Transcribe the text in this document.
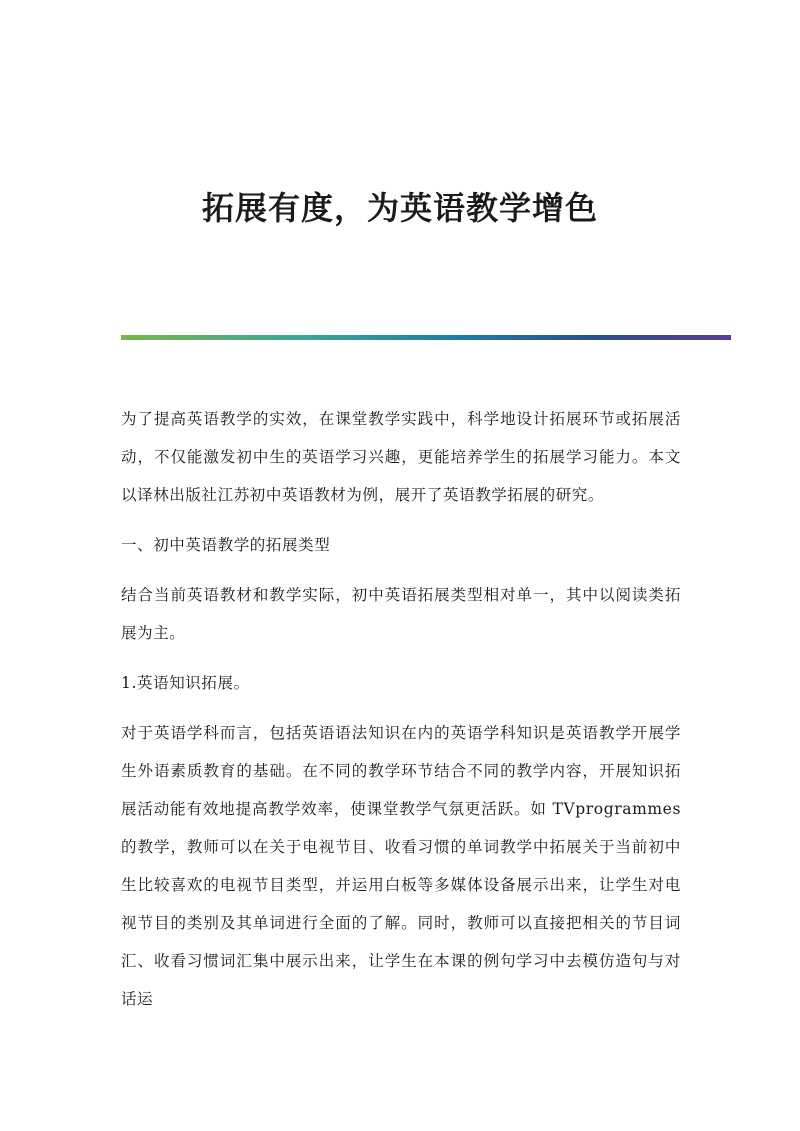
拓展有度，为英语教学增色

为了提高英语教学的实效，在课堂教学实践中，科学地设计拓展环节或拓展活动，不仅能激发初中生的英语学习兴趣，更能培养学生的拓展学习能力。本文以译林出版社江苏初中英语教材为例，展开了英语教学拓展的研究。

一、初中英语教学的拓展类型

结合当前英语教材和教学实际，初中英语拓展类型相对单一，其中以阅读类拓展为主。

1.英语知识拓展。

对于英语学科而言，包括英语语法知识在内的英语学科知识是英语教学开展学生外语素质教育的基础。在不同的教学环节结合不同的教学内容，开展知识拓展活动能有效地提高教学效率，使课堂教学气氛更活跃。如 TVprogrammes 的教学，教师可以在关于电视节目、收看习惯的单词教学中拓展关于当前初中生比较喜欢的电视节目类型，并运用白板等多媒体设备展示出来，让学生对电视节目的类别及其单词进行全面的了解。同时，教师可以直接把相关的节目词汇、收看习惯词汇集中展示出来，让学生在本课的例句学习中去模仿造句与对话运
